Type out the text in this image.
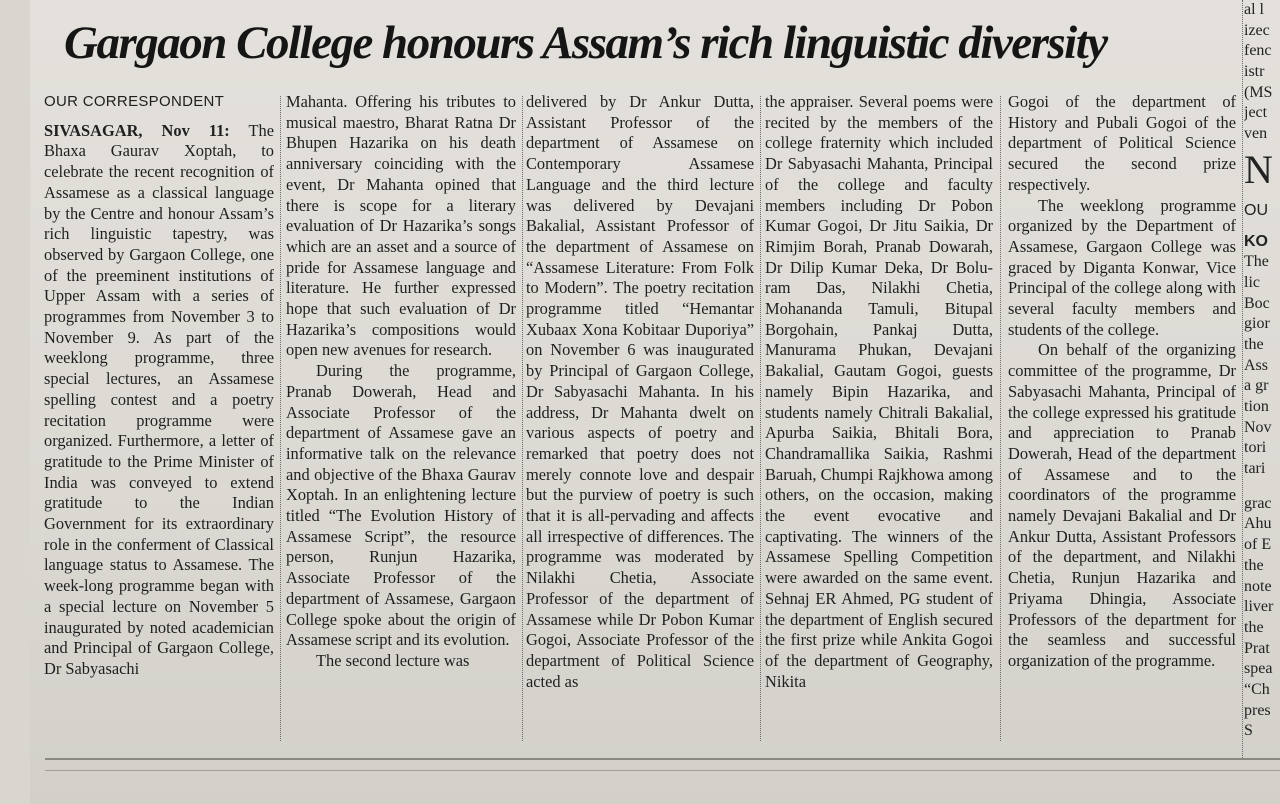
Gargaon College honours Assam’s rich linguistic diversity
OUR CORRESPONDENT

SIVASAGAR, Nov 11: The Bhaxa Gaurav Xoptah, to celebrate the recent recognition of Assamese as a classical language by the Centre and honour Assam’s rich linguistic tapestry, was observed by Gargaon College, one of the preeminent institutions of Upper Assam with a series of programmes from November 3 to November 9. As part of the weeklong programme, three special lectures, an Assamese spelling contest and a poetry recitation programme were organized. Furthermore, a letter of gratitude to the Prime Minister of India was conveyed to extend gratitude to the Indian Government for its extraordinary role in the conferment of Classical language status to Assamese. The week-long programme began with a special lecture on November 5 inaugurated by noted academician and Principal of Gargaon College, Dr Sabyasachi

Mahanta. Offering his tributes to musical maestro, Bharat Ratna Dr Bhupen Hazarika on his death anniversary coinciding with the event, Dr Mahanta opined that there is scope for a literary evaluation of Dr Hazarika’s songs which are an asset and a source of pride for Assamese language and literature. He further expressed hope that such evaluation of Dr Hazarika’s compositions would open new avenues for research.

During the programme, Pranab Dowerah, Head and Associate Professor of the department of Assamese gave an informative talk on the relevance and objective of the Bhaxa Gaurav Xoptah. In an enlightening lecture titled “The Evolution History of Assamese Script”, the resource person, Runjun Hazarika, Associate Professor of the department of Assamese, Gargaon College spoke about the origin of Assamese script and its evolution.

The second lecture was

delivered by Dr Ankur Dutta, Assistant Professor of the department of Assamese on Contemporary Assamese Language and the third lecture was delivered by Devajani Bakalial, Assistant Professor of the department of Assamese on “Assamese Literature: From Folk to Modern”. The poetry recitation programme titled “Hemantar Xubaax Xona Kobitaar Duporiya” on November 6 was inaugurated by Principal of Gargaon College, Dr Sabyasachi Mahanta. In his address, Dr Mahanta dwelt on various aspects of poetry and remarked that poetry does not merely connote love and despair but the purview of poetry is such that it is all-pervading and affects all irrespective of differences. The programme was moderated by Nilakhi Chetia, Associate Professor of the department of Assamese while Dr Pobon Kumar Gogoi, Associate Professor of the department of Political Science acted as

the appraiser. Several poems were recited by the members of the college fraternity which included Dr Sabyasachi Mahanta, Principal of the college and faculty members including Dr Pobon Kumar Gogoi, Dr Jitu Saikia, Dr Rimjim Borah, Pranab Dowarah, Dr Dilip Kumar Deka, Dr Bolu-ram Das, Nilakhi Chetia, Mohananda Tamuli, Bitupal Borgohain, Pankaj Dutta, Manurama Phukan, Devajani Bakalial, Gautam Gogoi, guests namely Bipin Hazarika, and students namely Chitrali Bakalial, Apurba Saikia, Bhitali Bora, Chandramallika Saikia, Rashmi Baruah, Chumpi Rajkhowa among others, on the occasion, making the event evocative and captivating. The winners of the Assamese Spelling Competition were awarded on the same event. Sehnaj ER Ahmed, PG student of the department of English secured the first prize while Ankita Gogoi of the department of Geography, Nikita

Gogoi of the department of History and Pubali Gogoi of the department of Political Science secured the second prize respectively.

The weeklong programme organized by the Department of Assamese, Gargaon College was graced by Diganta Konwar, Vice Principal of the college along with several faculty members and students of the college.

On behalf of the organizing committee of the programme, Dr Sabyasachi Mahanta, Principal of the college expressed his gratitude and appreciation to Pranab Dowerah, Head of the department of Assamese and to the coordinators of the programme namely Devajani Bakalial and Dr Ankur Dutta, Assistant Professors of the department, and Nilakhi Chetia, Runjun Hazarika and Priyama Dhingia, Associate Professors of the department for the seamless and successful organization of the programme.

al l
izec
fenc
istr
(MS
ject
ven
N
OU
KO
The
lic
Boc
gior
the
Ass
a gr
tion
Nov
tori
tari
grac
Ahu
of E
the
note
liver
the
Prat
spea
“Ch
pres
S
